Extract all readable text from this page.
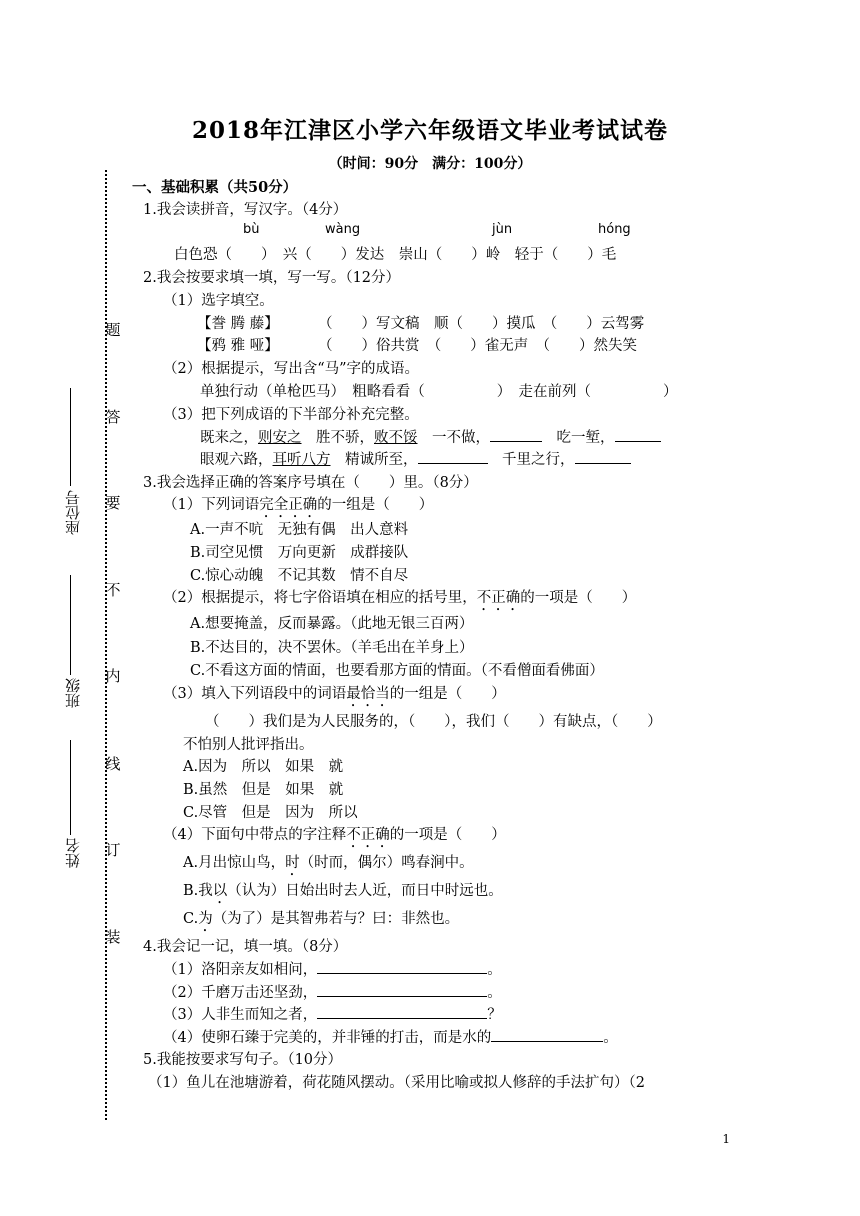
2018年江津区小学六年级语文毕业考试试卷
（时间：90分　满分：100分）
题
答
要
不
内
线
订
装
座位号
班级
姓名
一、基础积累（共50分）
1.我会读拼音，写汉字。（4分）
bù	wàng	jùn	hóng
白色恐（　　）　兴（　　）发达　崇山（　　）岭　轻于（　　）毛
2.我会按要求填一填，写一写。（12分）
（1）选字填空。
【誊 腾 藤】	（　　）写文稿　顺（　　）摸瓜　（　　）云驾雾
【鸦 雅 哑】	（　　）俗共赏　（　　）雀无声　（　　）然失笑
（2）根据提示，写出含“马”字的成语。
单独行动（单枪匹马）　粗略看看（	）　走在前列（	）
（3）把下列成语的下半部分补充完整。
既来之，则安之　胜不骄，败不馁　一不做，	　吃一堑，
眼观六路，耳听八方　精诚所至，	　千里之行，
3.我会选择正确的答案序号填在（　　）里。（8分）
（1）下列词语完全正确的一组是（　　）
A.一声不吭　无独有偶　出人意料
B.司空见惯　万向更新　成群接队
C.惊心动魄　不记其数　情不自尽
（2）根据提示，将七字俗语填在相应的括号里，不正确的一项是（　　）
A.想要掩盖，反而暴露。（此地无银三百两）
B.不达目的，决不罢休。（羊毛出在羊身上）
C.不看这方面的情面，也要看那方面的情面。（不看僧面看佛面）
（3）填入下列语段中的词语最恰当的一组是（　　）
（　　）我们是为人民服务的，（　　），我们（　　）有缺点，（　　）
不怕别人批评指出。
A.因为　所以　如果　就
B.虽然　但是　如果　就
C.尽管　但是　因为　所以
（4）下面句中带点的字注释不正确的一项是（　　）
A.月出惊山鸟，时（时而，偶尔）鸣春涧中。
B.我以（认为）日始出时去人近，而日中时远也。
C.为（为了）是其智弗若与？曰：非然也。
4.我会记一记，填一填。（8分）
（1）洛阳亲友如相问，	。
（2）千磨万击还坚劲，	。
（3）人非生而知之者，	？
（4）使卵石臻于完美的，并非锤的打击，而是水的	。
5.我能按要求写句子。（10分）
（1）鱼儿在池塘游着，荷花随风摆动。（采用比喻或拟人修辞的手法扩句）（2
1
